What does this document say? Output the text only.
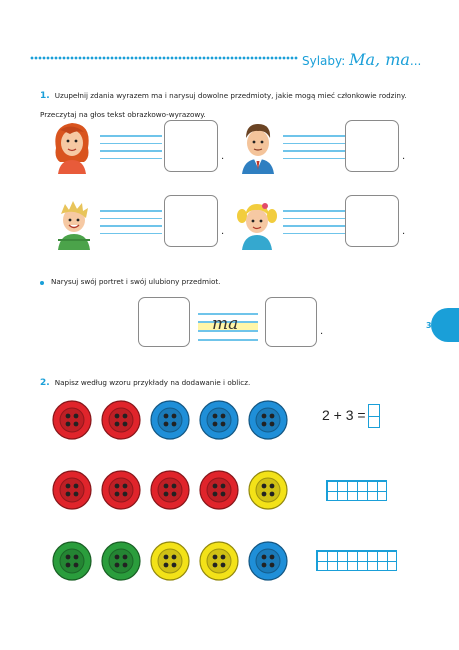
Sylaby: Ma, ma...
1. Uzupełnij zdania wyrazem ma i narysuj dowolne przedmioty, jakie mogą mieć członkowie rodziny. Przeczytaj na głos tekst obrazkowo-wyrazowy.
.	.
.	.
Narysuj swój portret i swój ulubiony przedmiot.
ma	.
3
2. Napisz według wzoru przykłady na dodawanie i oblicz.
2 + 3 =
